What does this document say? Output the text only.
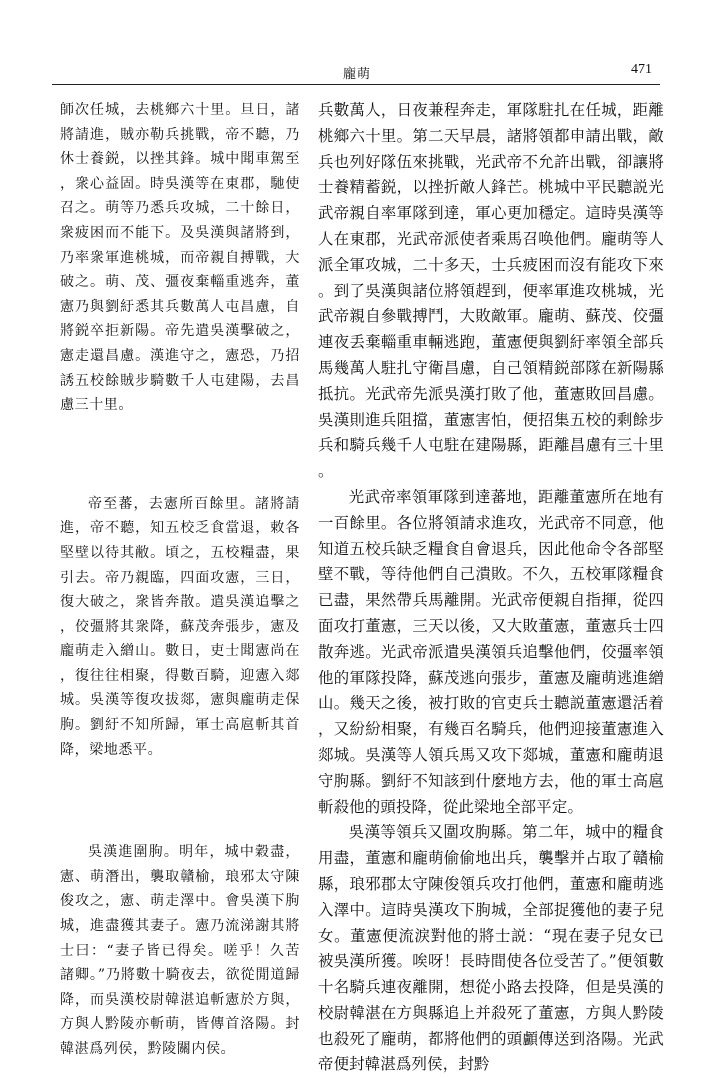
龐萌	471

師次任城，去桃鄉六十里。旦日，諸將請進，賊亦勒兵挑戰，帝不聽，乃休士養鋭，以挫其鋒。城中聞車駕至，衆心益固。時吳漢等在東郡，馳使召之。萌等乃悉兵攻城，二十餘日，衆疲困而不能下。及吳漢與諸將到，乃率衆軍進桃城，而帝親自搏戰，大破之。萌、茂、彊夜棄輜重逃奔，董憲乃與劉紆悉其兵數萬人屯昌慮，自將鋭卒拒新陽。帝先遣吳漢擊破之，憲走還昌慮。漢進守之，憲恐，乃招誘五校餘賊步騎數千人屯建陽，去昌慮三十里。

帝至蕃，去憲所百餘里。諸將請進，帝不聽，知五校乏食當退，敕各堅壁以待其敝。頃之，五校糧盡，果引去。帝乃親臨，四面攻憲，三日，復大破之，衆皆奔散。遣吳漢追擊之，佼彊將其衆降，蘇茂奔張步，憲及龐萌走入繒山。數日，吏士聞憲尚在，復往往相聚，得數百騎，迎憲入郯城。吳漢等復攻拔郯，憲與龐萌走保朐。劉紆不知所歸，軍士高扈斬其首降，梁地悉平。

吳漢進圍朐。明年，城中穀盡，憲、萌潛出，襲取贛榆，琅邪太守陳俊攻之，憲、萌走澤中。會吳漢下朐城，進盡獲其妻子。憲乃流涕謝其將士曰：“妻子皆已得矣。嗟乎！久苦諸卿。”乃將數十騎夜去，欲從閒道歸降，而吳漢校尉韓湛追斬憲於方與，方與人黔陵亦斬萌，皆傳首洛陽。封韓湛爲列侯，黔陵關内侯。

兵數萬人，日夜兼程奔走，軍隊駐扎在任城，距離桃鄉六十里。第二天早晨，諸將領都申請出戰，敵兵也列好隊伍來挑戰，光武帝不允許出戰，卻讓將士養精蓄鋭，以挫折敵人鋒芒。桃城中平民聽説光武帝親自率軍隊到達，軍心更加穩定。這時吳漢等人在東郡，光武帝派使者乘馬召唤他們。龐萌等人派全軍攻城，二十多天，士兵疲困而沒有能攻下來。到了吳漢與諸位將領趕到，便率軍進攻桃城，光武帝親自參戰搏鬥，大敗敵軍。龐萌、蘇茂、佼彊連夜丢棄輜重車輛逃跑，董憲便與劉紆率領全部兵馬幾萬人駐扎守衛昌慮，自己領精鋭部隊在新陽縣抵抗。光武帝先派吳漢打敗了他，董憲敗回昌慮。吳漢則進兵阻擋，董憲害怕，便招集五校的剩餘步兵和騎兵幾千人屯駐在建陽縣，距離昌慮有三十里。

光武帝率領軍隊到達蕃地，距離董憲所在地有一百餘里。各位將領請求進攻，光武帝不同意，他知道五校兵缺乏糧食自會退兵，因此他命令各部堅壁不戰，等待他們自己潰敗。不久，五校軍隊糧食已盡，果然帶兵馬離開。光武帝便親自指揮，從四面攻打董憲，三天以後，又大敗董憲，董憲兵士四散奔逃。光武帝派遣吳漢領兵追擊他們，佼彊率領他的軍隊投降，蘇茂逃向張步，董憲及龐萌逃進繒山。幾天之後，被打敗的官吏兵士聽説董憲還活着，又紛紛相聚，有幾百名騎兵，他們迎接董憲進入郯城。吳漢等人領兵馬又攻下郯城，董憲和龐萌退守朐縣。劉紆不知該到什麼地方去，他的軍士高扈斬殺他的頭投降，從此梁地全部平定。

吳漢等領兵又圍攻朐縣。第二年，城中的糧食用盡，董憲和龐萌偷偷地出兵，襲擊并占取了贛榆縣，琅邪郡太守陳俊領兵攻打他們，董憲和龐萌逃入澤中。這時吳漢攻下朐城，全部捉獲他的妻子兒女。董憲便流淚對他的將士説：“現在妻子兒女已被吳漢所獲。唉呀！長時間使各位受苦了。”便領數十名騎兵連夜離開，想從小路去投降，但是吳漢的校尉韓湛在方與縣追上并殺死了董憲，方與人黔陵也殺死了龐萌，都將他們的頭顱傳送到洛陽。光武帝便封韓湛爲列侯，封黔
